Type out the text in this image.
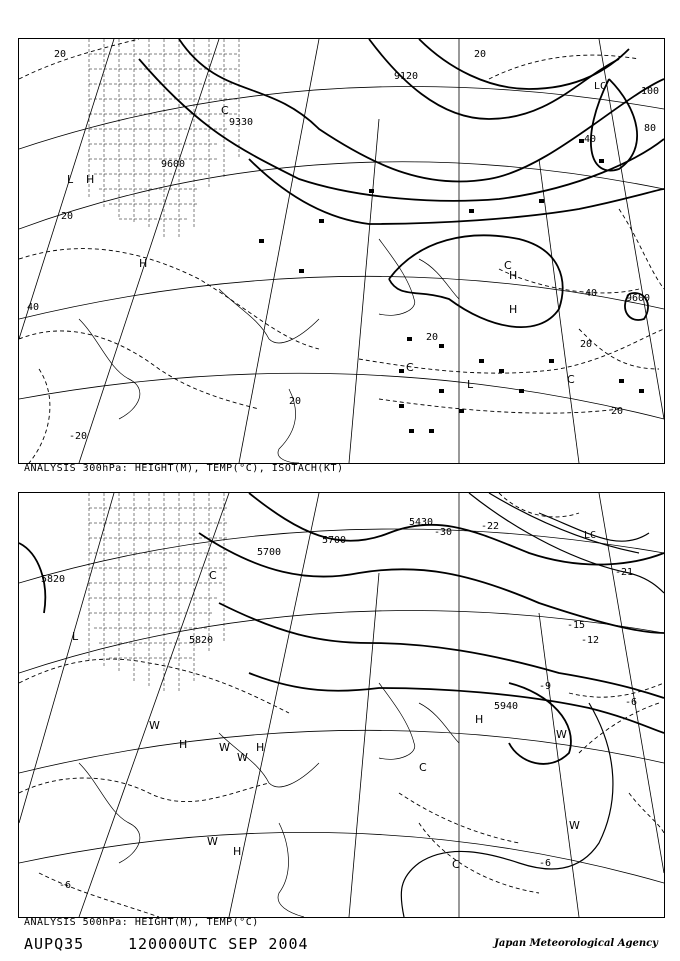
20
9120
20
LC	100
40
80
9330
C
9600
L H
20
H
40
C
H
H
40	9600
20
20
C
L	C
20
20
-20
ANALYSIS 300hPa: HEIGHT(M), TEMP(°C), ISOTACH(KT)
5430
-30
-22
LC
5700
5700
5820
L
C
5820
-21
-15
-12
-9
W
H	W H
W
5940
C
H
W
W
-6
W
H
C	-6
-6
ANALYSIS 500hPa: HEIGHT(M), TEMP(°C)
AUPQ35	120000UTC SEP 2004	Japan Meteorological Agency
